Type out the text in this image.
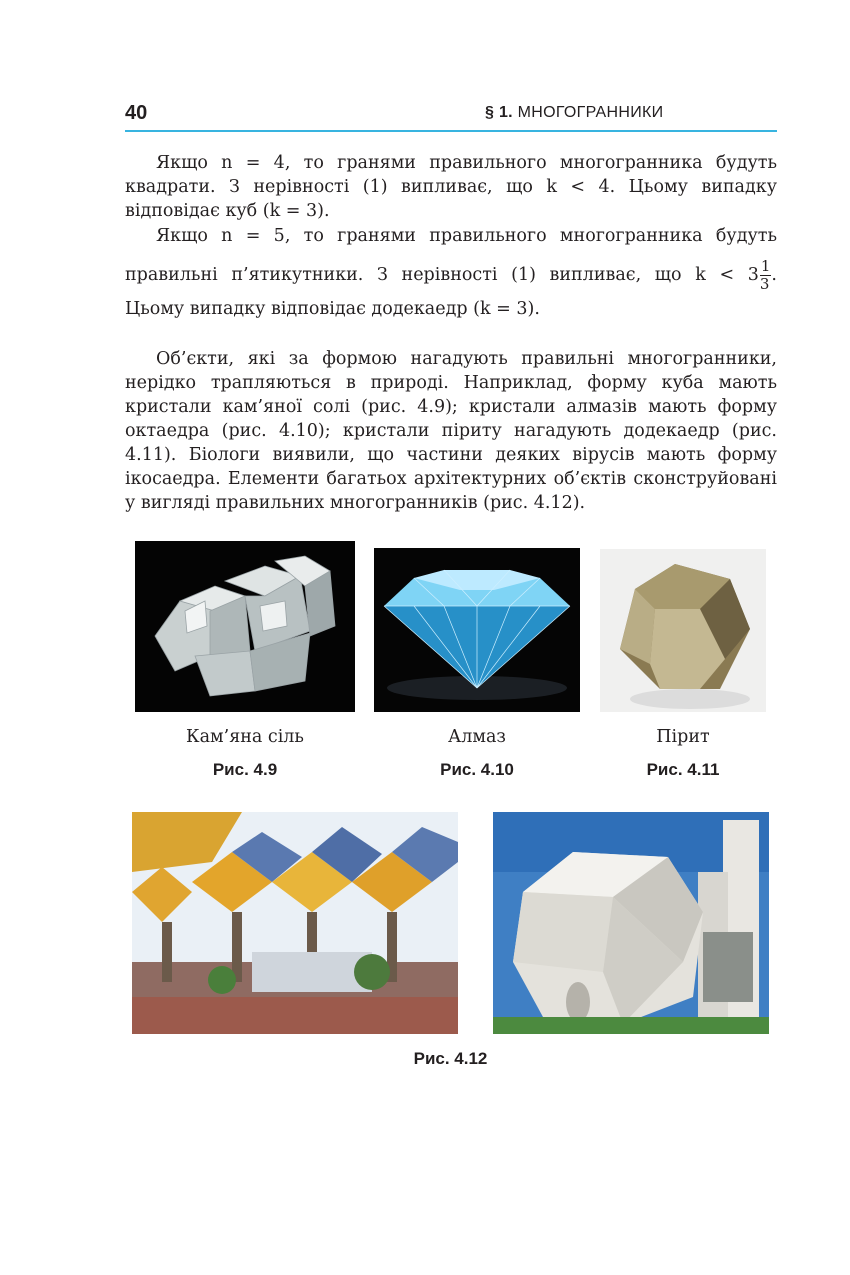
40	§ 1. МНОГОГРАННИКИ

Якщо n = 4, то гранями правильного многогранника будуть квадрати. З нерівності (1) випливає, що k < 4. Цьому випадку відповідає куб (k = 3).

Якщо n = 5, то гранями правильного многогранника будуть

правильні п’ятикутники. З нерівності (1) випливає, що $k < 3 \frac{1}{3}$ .

Цьому випадку відповідає додекаедр (k = 3).

Об’єкти, які за формою нагадують правильні многогранники, нерідко трапляються в природі. Наприклад, форму куба мають кристали кам’яної солі (рис. 4.9); кристали алмазів мають форму октаедра (рис. 4.10); кристали піриту нагадують додекаедр (рис. 4.11). Біологи виявили, що частини деяких вірусів мають форму ікосаедра. Елементи багатьох архітектурних об’єктів сконструйовані у вигляді правильних многогранників (рис. 4.12).

Кам’яна сіль	Алмаз	Пірит
Рис. 4.9	Рис. 4.10	Рис. 4.11
Рис. 4.12
